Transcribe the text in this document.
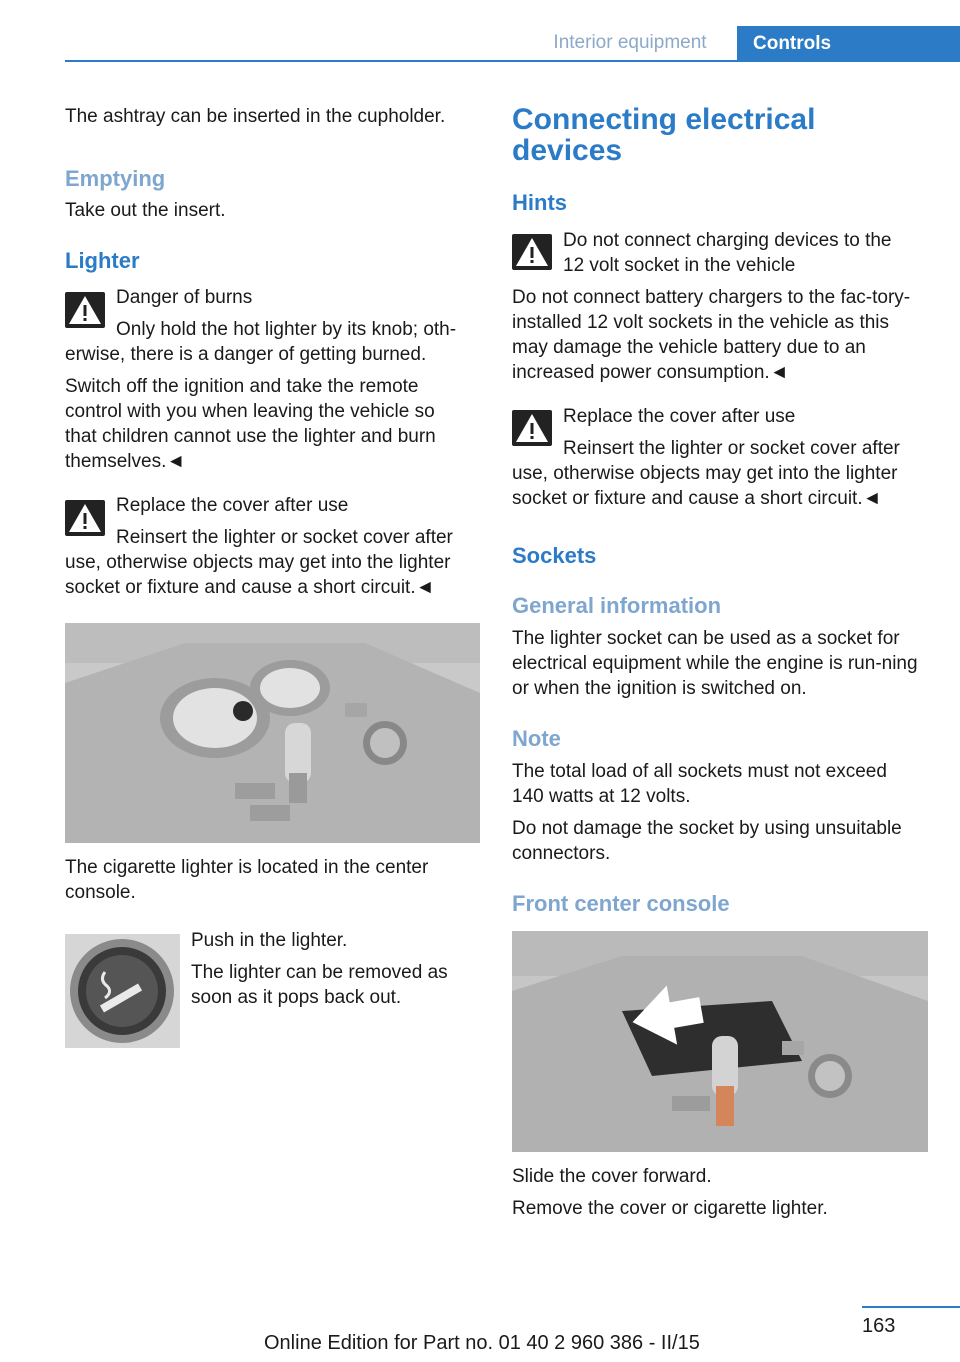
Interior equipment	Controls

The ashtray can be inserted in the cupholder.

Emptying

Take out the insert.

Lighter

Danger of burns

Only hold the hot lighter by its knob; oth-

erwise, there is a danger of getting burned.

Switch off the ignition and take the remote control with you when leaving the vehicle so that children cannot use the lighter and burn themselves.◄

Replace the cover after use

Reinsert the lighter or socket cover after

use, otherwise objects may get into the lighter socket or fixture and cause a short circuit.◄

The cigarette lighter is located in the center console.

Push in the lighter.

The lighter can be removed as soon as it pops back out.

Connecting electrical devices

Hints

Do not connect charging devices to the

12 volt socket in the vehicle

Do not connect battery chargers to the fac-tory-installed 12 volt sockets in the vehicle as this may damage the vehicle battery due to an increased power consumption.◄

Replace the cover after use

Reinsert the lighter or socket cover after

use, otherwise objects may get into the lighter socket or fixture and cause a short circuit.◄

Sockets

General information

The lighter socket can be used as a socket for electrical equipment while the engine is run-ning or when the ignition is switched on.

Note

The total load of all sockets must not exceed 140 watts at 12 volts.

Do not damage the socket by using unsuitable connectors.

Front center console

Slide the cover forward.

Remove the cover or cigarette lighter.

163
Online Edition for Part no. 01 40 2 960 386 - II/15
